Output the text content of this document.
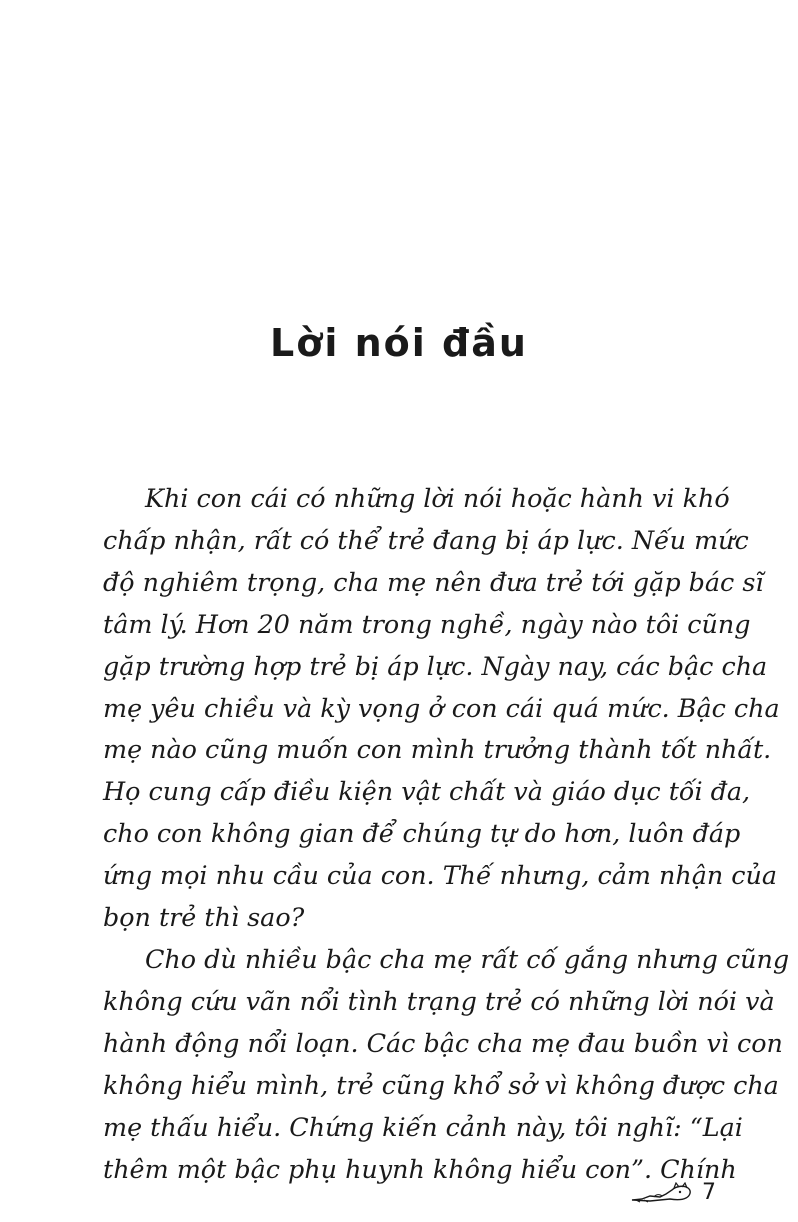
Lời nói đầu
Khi con cái có những lời nói hoặc hành vi khó
chấp nhận, rất có thể trẻ đang bị áp lực. Nếu mức
độ nghiêm trọng, cha mẹ nên đưa trẻ tới gặp bác sĩ
tâm lý. Hơn 20 năm trong nghề, ngày nào tôi cũng
gặp trường hợp trẻ bị áp lực. Ngày nay, các bậc cha
mẹ yêu chiều và kỳ vọng ở con cái quá mức. Bậc cha
mẹ nào cũng muốn con mình trưởng thành tốt nhất.
Họ cung cấp điều kiện vật chất và giáo dục tối đa,
cho con không gian để chúng tự do hơn, luôn đáp
ứng mọi nhu cầu của con. Thế nhưng, cảm nhận của
bọn trẻ thì sao?
Cho dù nhiều bậc cha mẹ rất cố gắng nhưng cũng
không cứu vãn nổi tình trạng trẻ có những lời nói và
hành động nổi loạn. Các bậc cha mẹ đau buồn vì con
không hiểu mình, trẻ cũng khổ sở vì không được cha
mẹ thấu hiểu. Chứng kiến cảnh này, tôi nghĩ: “Lại
thêm một bậc phụ huynh không hiểu con”. Chính
7
